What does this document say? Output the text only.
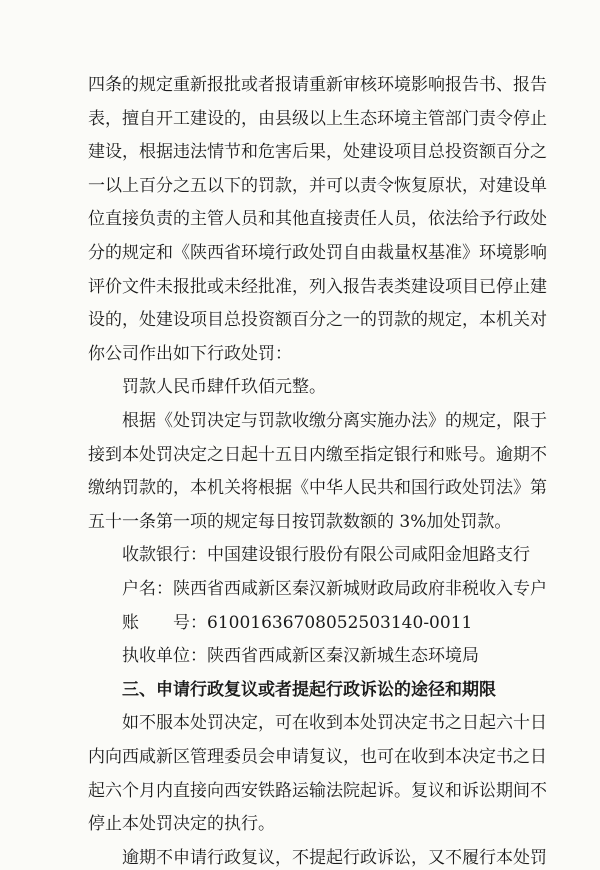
四条的规定重新报批或者报请重新审核环境影响报告书、报告
表，擅自开工建设的，由县级以上生态环境主管部门责令停止
建设，根据违法情节和危害后果，处建设项目总投资额百分之
一以上百分之五以下的罚款，并可以责令恢复原状，对建设单
位直接负责的主管人员和其他直接责任人员，依法给予行政处
分的规定和《陕西省环境行政处罚自由裁量权基准》环境影响
评价文件未报批或未经批准，列入报告表类建设项目已停止建
设的，处建设项目总投资额百分之一的罚款的规定，本机关对
你公司作出如下行政处罚：
罚款人民币肆仟玖佰元整。
根据《处罚决定与罚款收缴分离实施办法》的规定，限于
接到本处罚决定之日起十五日内缴至指定银行和账号。逾期不
缴纳罚款的，本机关将根据《中华人民共和国行政处罚法》第
五十一条第一项的规定每日按罚款数额的 3%加处罚款。
收款银行：中国建设银行股份有限公司咸阳金旭路支行
户名：陕西省西咸新区秦汉新城财政局政府非税收入专户
账　　号：6100163670805250314​0-0011
执收单位：陕西省西咸新区秦汉新城生态环境局
三、申请行政复议或者提起行政诉讼的途径和期限
如不服本处罚决定，可在收到本处罚决定书之日起六十日
内向西咸新区管理委员会申请复议，也可在收到本决定书之日
起六个月内直接向西安铁路运输法院起诉。复议和诉讼期间不
停止本处罚决定的执行。
逾期不申请行政复议，不提起行政诉讼，又不履行本处罚
